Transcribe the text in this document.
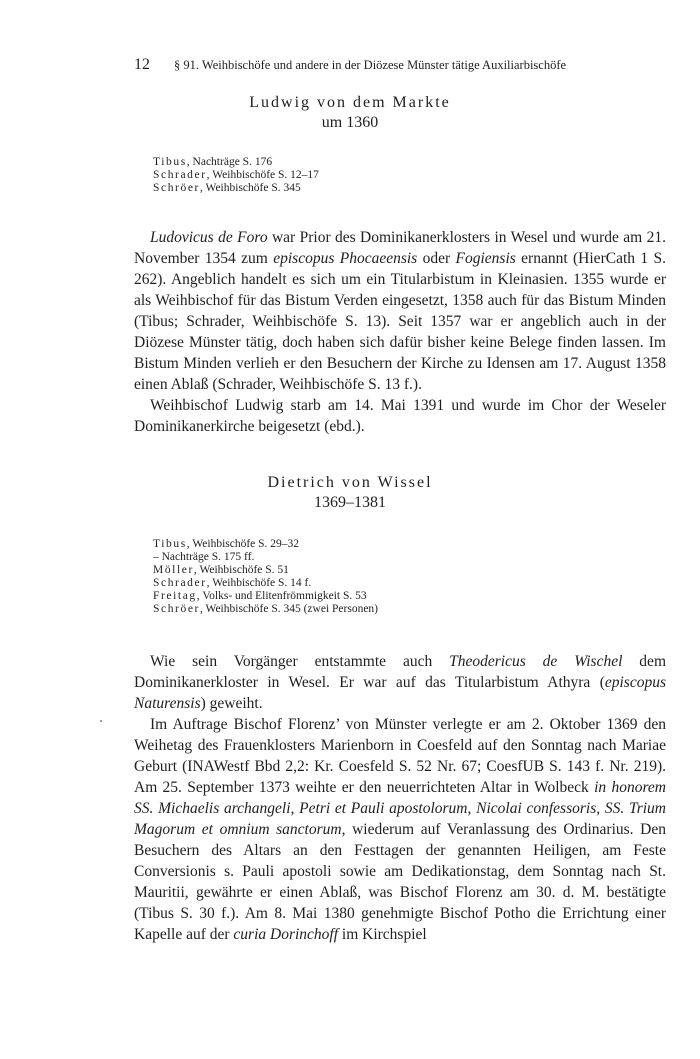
12 § 91. Weihbischöfe und andere in der Diözese Münster tätige Auxiliarbischöfe
Ludwig von dem Markte
um 1360
Tibus, Nachträge S. 176
Schrader, Weihbischöfe S. 12–17
Schröer, Weihbischöfe S. 345

Ludovicus de Foro war Prior des Dominikanerklosters in Wesel und wurde am 21. November 1354 zum episcopus Phocaeensis oder Fogiensis ernannt (HierCath 1 S. 262). Angeblich handelt es sich um ein Titularbistum in Kleinasien. 1355 wurde er als Weihbischof für das Bistum Verden eingesetzt, 1358 auch für das Bistum Minden (Tibus; Schrader, Weihbischöfe S. 13). Seit 1357 war er angeblich auch in der Diözese Münster tätig, doch haben sich dafür bisher keine Belege finden lassen. Im Bistum Minden verlieh er den Besuchern der Kirche zu Idensen am 17. August 1358 einen Ablaß (Schrader, Weihbischöfe S. 13 f.).

Weihbischof Ludwig starb am 14. Mai 1391 und wurde im Chor der Weseler Dominikanerkirche beigesetzt (ebd.).

Dietrich von Wissel
1369–1381
Tibus, Weihbischöfe S. 29–32
– Nachträge S. 175 ff.
Möller, Weihbischöfe S. 51
Schrader, Weihbischöfe S. 14 f.
Freitag, Volks- und Elitenfrömmigkeit S. 53
Schröer, Weihbischöfe S. 345 (zwei Personen)

Wie sein Vorgänger entstammte auch Theodericus de Wischel dem Dominikanerkloster in Wesel. Er war auf das Titularbistum Athyra (episcopus Naturensis) geweiht.

Im Auftrage Bischof Florenz’ von Münster verlegte er am 2. Oktober 1369 den Weihetag des Frauenklosters Marienborn in Coesfeld auf den Sonntag nach Mariae Geburt (INAWestf Bbd 2,2: Kr. Coesfeld S. 52 Nr. 67; CoesfUB S. 143 f. Nr. 219). Am 25. September 1373 weihte er den neuerrichteten Altar in Wolbeck in honorem SS. Michaelis archangeli, Petri et Pauli apostolorum, Nicolai confessoris, SS. Trium Magorum et omnium sanctorum, wiederum auf Veranlassung des Ordinarius. Den Besuchern des Altars an den Festtagen der genannten Heiligen, am Feste Conversionis s. Pauli apostoli sowie am Dedikationstag, dem Sonntag nach St. Mauritii, gewährte er einen Ablaß, was Bischof Florenz am 30. d. M. bestätigte (Tibus S. 30 f.). Am 8. Mai 1380 genehmigte Bischof Potho die Errichtung einer Kapelle auf der curia Dorinchoff im Kirchspiel
